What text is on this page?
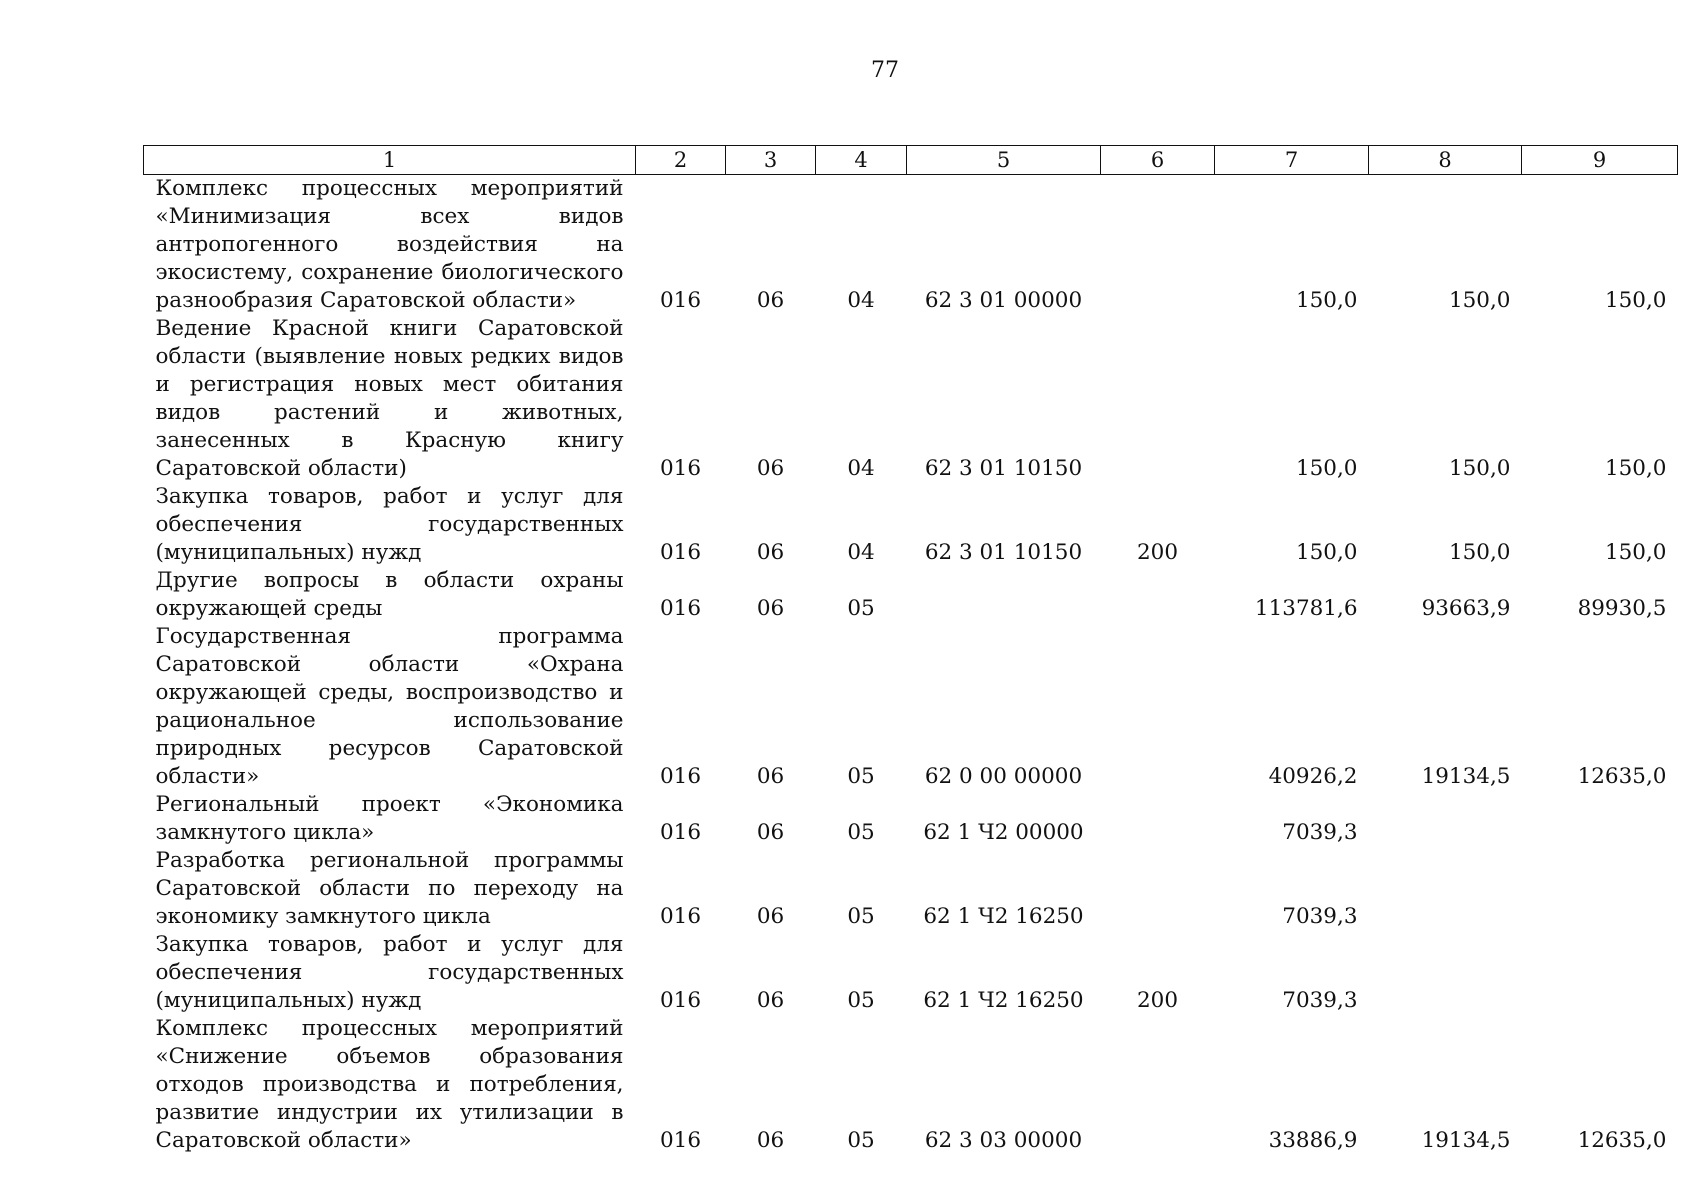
77
1	2	3	4	5	6	7	8	9
Комплекс процессных мероприятий «Минимизация всех видов антропогенного воздействия на экосистему, сохранение биологического разнообразия Саратовской области»	016	06	04	62 3 01 00000		150,0	150,0	150,0
Ведение Красной книги Саратовской области (выявление новых редких видов и регистрация новых мест обитания видов растений и животных, занесенных в Красную книгу Саратовской области)	016	06	04	62 3 01 10150		150,0	150,0	150,0
Закупка товаров, работ и услуг для обеспечения государственных (муниципальных) нужд	016	06	04	62 3 01 10150	200	150,0	150,0	150,0
Другие вопросы в области охраны окружающей среды	016	06	05			113781,6	93663,9	89930,5
Государственная программа Саратовской области «Охрана окружающей среды, воспроизводство и рациональное использование природных ресурсов Саратовской области»	016	06	05	62 0 00 00000		40926,2	19134,5	12635,0
Региональный проект «Экономика замкнутого цикла»	016	06	05	62 1 Ч2 00000		7039,3		
Разработка региональной программы Саратовской области по переходу на экономику замкнутого цикла	016	06	05	62 1 Ч2 16250		7039,3		
Закупка товаров, работ и услуг для обеспечения государственных (муниципальных) нужд	016	06	05	62 1 Ч2 16250	200	7039,3		
Комплекс процессных мероприятий «Снижение объемов образования отходов производства и потребления, развитие индустрии их утилизации в Саратовской области»	016	06	05	62 3 03 00000		33886,9	19134,5	12635,0
